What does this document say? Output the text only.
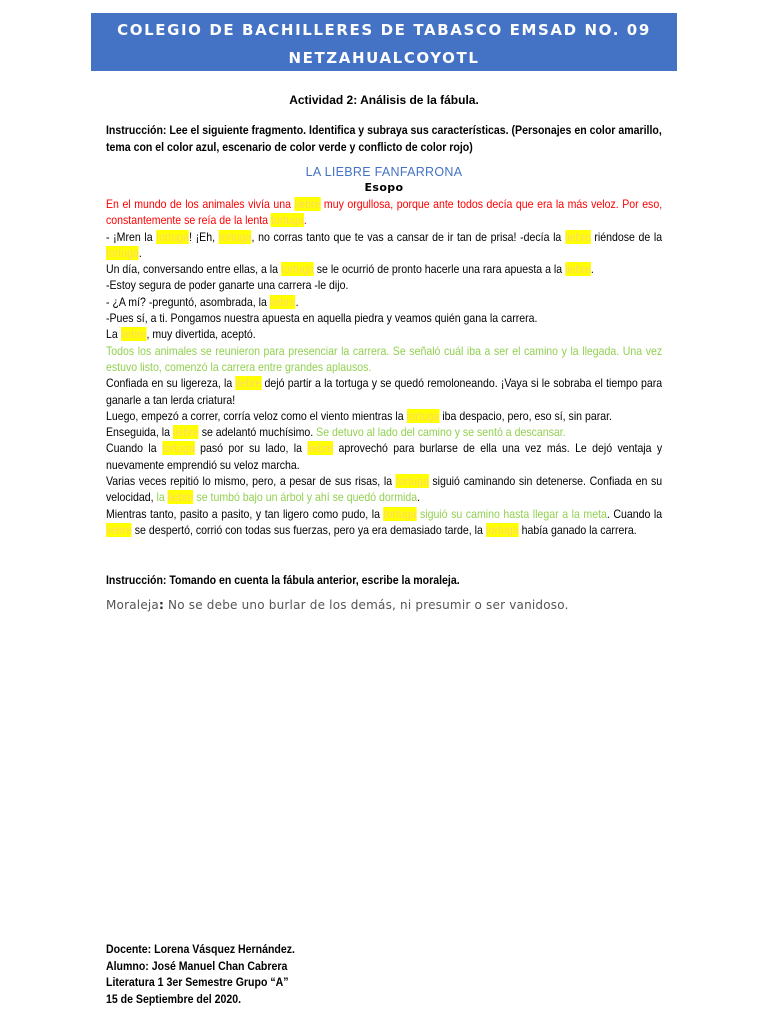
COLEGIO DE BACHILLERES DE TABASCO EMSAD NO. 09
NETZAHUALCOYOTL
Actividad 2: Análisis de la fábula.
Instrucción: Lee el siguiente fragmento. Identifica y subraya sus características. (Personajes en color amarillo, tema con el color azul, escenario de color verde y conflicto de color rojo)
LA LIEBRE FANFARRONA
Esopo

En el mundo de los animales vivía una liebre muy orgullosa, porque ante todos decía que era la más veloz. Por eso, constantemente se reía de la lenta tortuga.

- ¡Mren la tortuga! ¡Eh, tortuga, no corras tanto que te vas a cansar de ir tan de prisa! -decía la liebre riéndose de la tortuga.

Un día, conversando entre ellas, a la tortuga se le ocurrió de pronto hacerle una rara apuesta a la liebre.

-Estoy segura de poder ganarte una carrera -le dijo.

- ¿A mí? -preguntó, asombrada, la liebre.

-Pues sí, a ti. Pongamos nuestra apuesta en aquella piedra y veamos quién gana la carrera.

La liebre, muy divertida, aceptó.

Todos los animales se reunieron para presenciar la carrera. Se señaló cuál iba a ser el camino y la llegada. Una vez estuvo listo, comenzó la carrera entre grandes aplausos.

Confiada en su ligereza, la liebre dejó partir a la tortuga y se quedó remoloneando. ¡Vaya si le sobraba el tiempo para ganarle a tan lerda criatura!

Luego, empezó a correr, corría veloz como el viento mientras la tortuga iba despacio, pero, eso sí, sin parar.

Enseguida, la liebre se adelantó muchísimo. Se detuvo al lado del camino y se sentó a descansar.

Cuando la tortuga pasó por su lado, la liebre aprovechó para burlarse de ella una vez más. Le dejó ventaja y nuevamente emprendió su veloz marcha.

Varias veces repitió lo mismo, pero, a pesar de sus risas, la tortuga siguió caminando sin detenerse. Confiada en su velocidad, la liebre se tumbó bajo un árbol y ahí se quedó dormida.

Mientras tanto, pasito a pasito, y tan ligero como pudo, la tortuga siguió su camino hasta llegar a la meta. Cuando la liebre se despertó, corrió con todas sus fuerzas, pero ya era demasiado tarde, la tortuga había ganado la carrera.

Instrucción: Tomando en cuenta la fábula anterior, escribe la moraleja.
Moraleja: No se debe uno burlar de los demás, ni presumir o ser vanidoso.
Docente: Lorena Vásquez Hernández.
Alumno: José Manuel Chan Cabrera
Literatura 1 3er Semestre Grupo “A”
15 de Septiembre del 2020.
